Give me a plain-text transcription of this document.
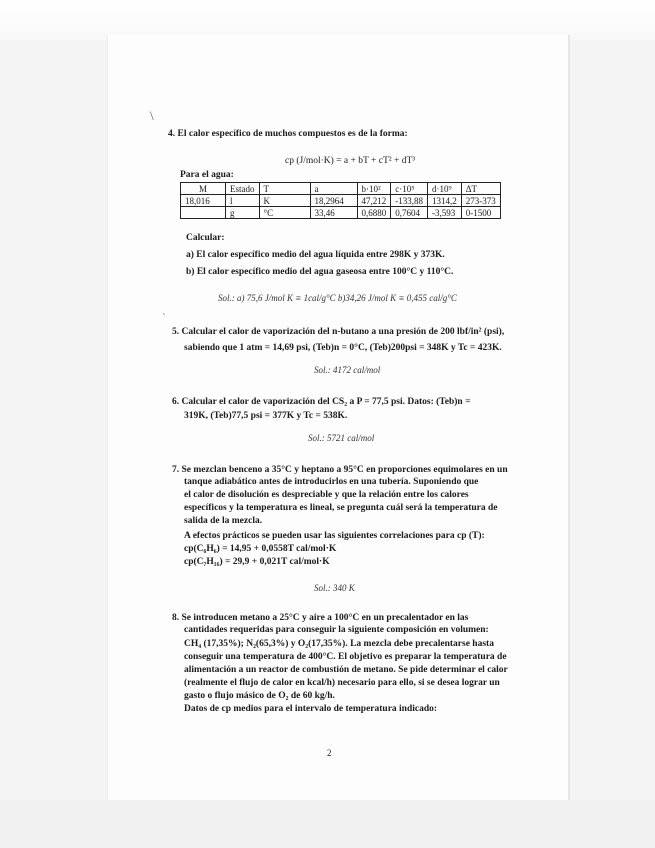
\
4. El calor específico de muchos compuestos es de la forma:
cp (J/mol·K) = a + bT + cT² + dT³
Para el agua:
M	Estado	T	a	b·10²	c·10⁵	d·10⁹	ΔT
18,016	l	K	18,2964	47,212	-133,88	1314,2	273-373
	g	°C	33,46	0,6880	0,7604	-3,593	0-1500
Calcular:
a) El calor específico medio del agua líquida entre 298K y 373K.
b) El calor específico medio del agua gaseosa entre 100°C y 110°C.
Sol.: a) 75,6 J/mol K ≡ 1cal/g°C b)34,26 J/mol K ≡ 0,455 cal/g°C
`
5. Calcular el calor de vaporización del n-butano a una presión de 200 lbf/in² (psi),
sabiendo que 1 atm = 14,69 psi, (Teb)n = 0°C, (Teb)200psi = 348K y Tc = 423K.
Sol.: 4172 cal/mol
6. Calcular el calor de vaporización del CS₂ a P = 77,5 psi. Datos: (Teb)n =
319K, (Teb)77,5 psi = 377K y Tc = 538K.
Sol.: 5721 cal/mol
7. Se mezclan benceno a 35°C y heptano a 95°C en proporciones equimolares en un
tanque adiabático antes de introducirlos en una tubería. Suponiendo que
el calor de disolución es despreciable y que la relación entre los calores
específicos y la temperatura es lineal, se pregunta cuál será la temperatura de
salida de la mezcla.
A efectos prácticos se pueden usar las siguientes correlaciones para cp (T):
cp(C₆H₆) = 14,95 + 0,0558T cal/mol·K
cp(C₇H₁₆) = 29,9 + 0,021T cal/mol·K
Sol.: 340 K
8. Se introducen metano a 25°C y aire a 100°C en un precalentador en las
cantidades requeridas para conseguir la siguiente composición en volumen:
CH₄ (17,35%); N₂(65,3%) y O₂(17,35%). La mezcla debe precalentarse hasta
conseguir una temperatura de 400°C. El objetivo es preparar la temperatura de
alimentación a un reactor de combustión de metano. Se pide determinar el calor
(realmente el flujo de calor en kcal/h) necesario para ello, si se desea lograr un
gasto o flujo másico de O₂ de 60 kg/h.
Datos de cp medios para el intervalo de temperatura indicado:
2
